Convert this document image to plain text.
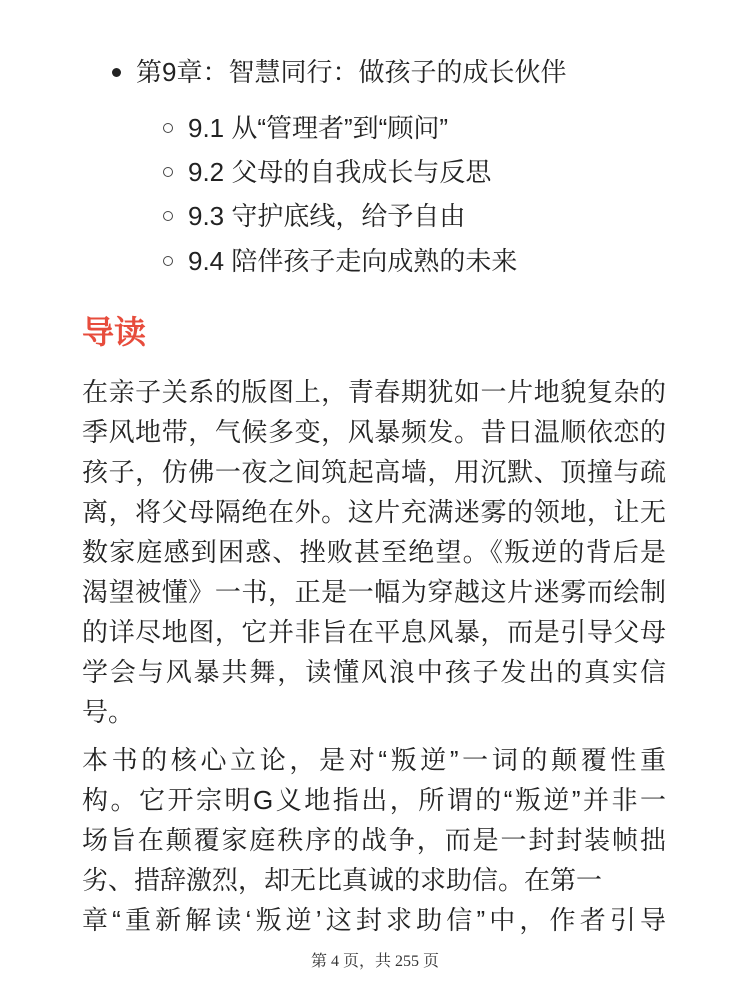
第9章：智慧同行：做孩子的成长伙伴
9.1 从“管理者”到“顾问”
9.2 父母的自我成长与反思
9.3 守护底线，给予自由
9.4 陪伴孩子走向成熟的未来
导读
在亲子关系的版图上，青春期犹如一片地貌复杂的
季风地带，气候多变，风暴频发。昔日温顺依恋的
孩子，仿佛一夜之间筑起高墙，用沉默、顶撞与疏
离，将父母隔绝在外。这片充满迷雾的领地，让无
数家庭感到困惑、挫败甚至绝望。《叛逆的背后是
渴望被懂》一书，正是一幅为穿越这片迷雾而绘制
的详尽地图，它并非旨在平息风暴，而是引导父母
学会与风暴共舞，读懂风浪中孩子发出的真实信
号。
本书的核心立论，是对“叛逆”一词的颠覆性重
构。它开宗明G义地指出，所谓的“叛逆”并非一
场旨在颠覆家庭秩序的战争，而是一封封装帧拙
劣、措辞激烈，却无比真诚的求助信。在第一
章“重新解读‘叛逆’这封求助信”中，作者引导
第 4 页，共 255 页
